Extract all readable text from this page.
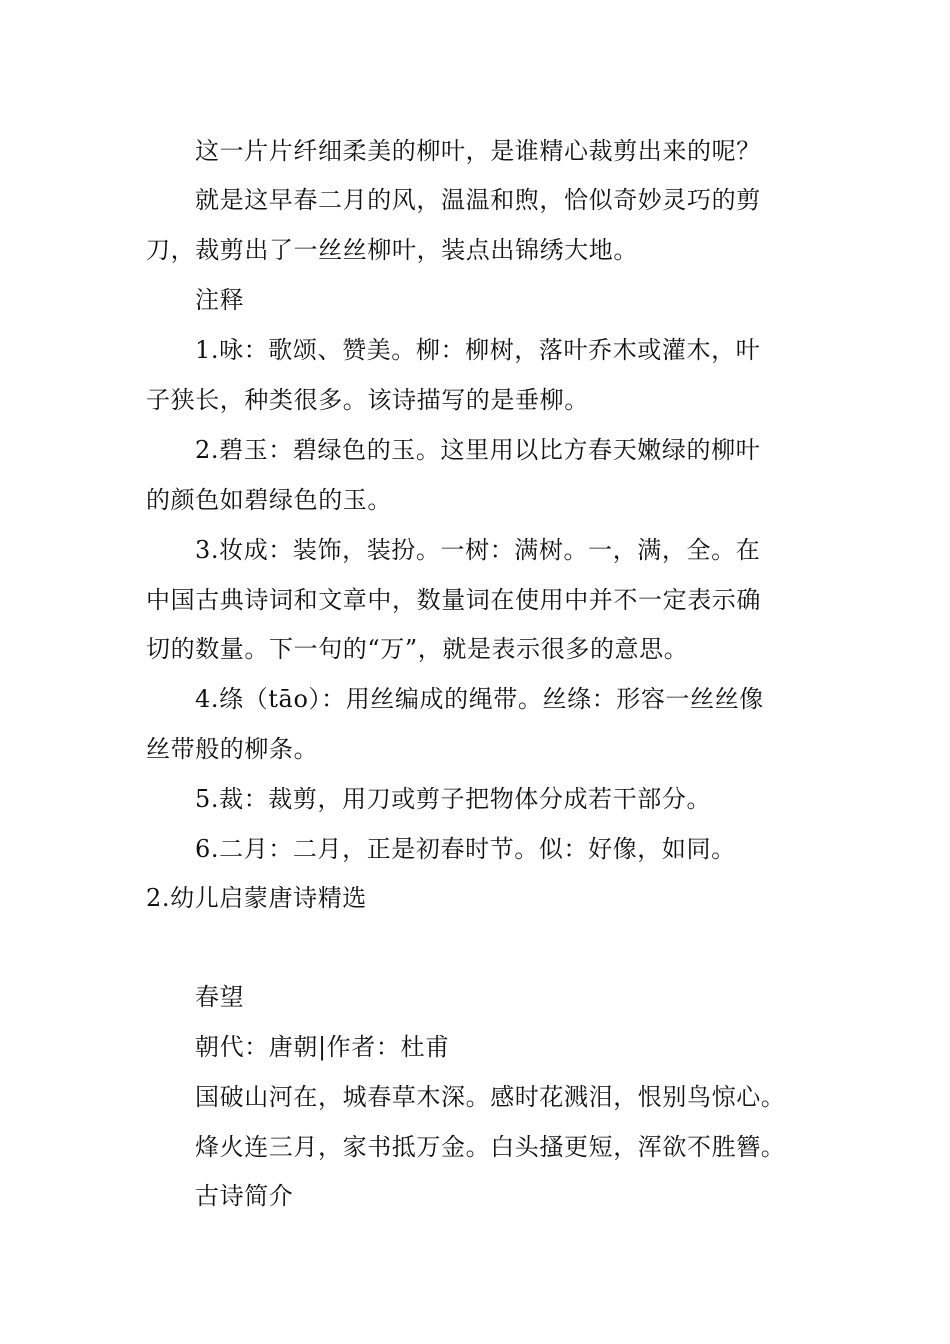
这一片片纤细柔美的柳叶，是谁精心裁剪出来的呢？
就是这早春二月的风，温温和煦，恰似奇妙灵巧的剪
刀，裁剪出了一丝丝柳叶，装点出锦绣大地。
注释
1.咏：歌颂、赞美。柳：柳树，落叶乔木或灌木，叶
子狭长，种类很多。该诗描写的是垂柳。
2.碧玉：碧绿色的玉。这里用以比方春天嫩绿的柳叶
的颜色如碧绿色的玉。
3.妆成：装饰，装扮。一树：满树。一，满，全。在
中国古典诗词和文章中，数量词在使用中并不一定表示确
切的数量。下一句的“万”，就是表示很多的意思。
4.绦（tāo）：用丝编成的绳带。丝绦：形容一丝丝像
丝带般的柳条。
5.裁：裁剪，用刀或剪子把物体分成若干部分。
6.二月：二月，正是初春时节。似：好像，如同。
2.幼儿启蒙唐诗精选
春望
朝代：唐朝|作者：杜甫
国破山河在，城春草木深。感时花溅泪，恨别鸟惊心。
烽火连三月，家书抵万金。白头搔更短，浑欲不胜簪。
古诗简介
